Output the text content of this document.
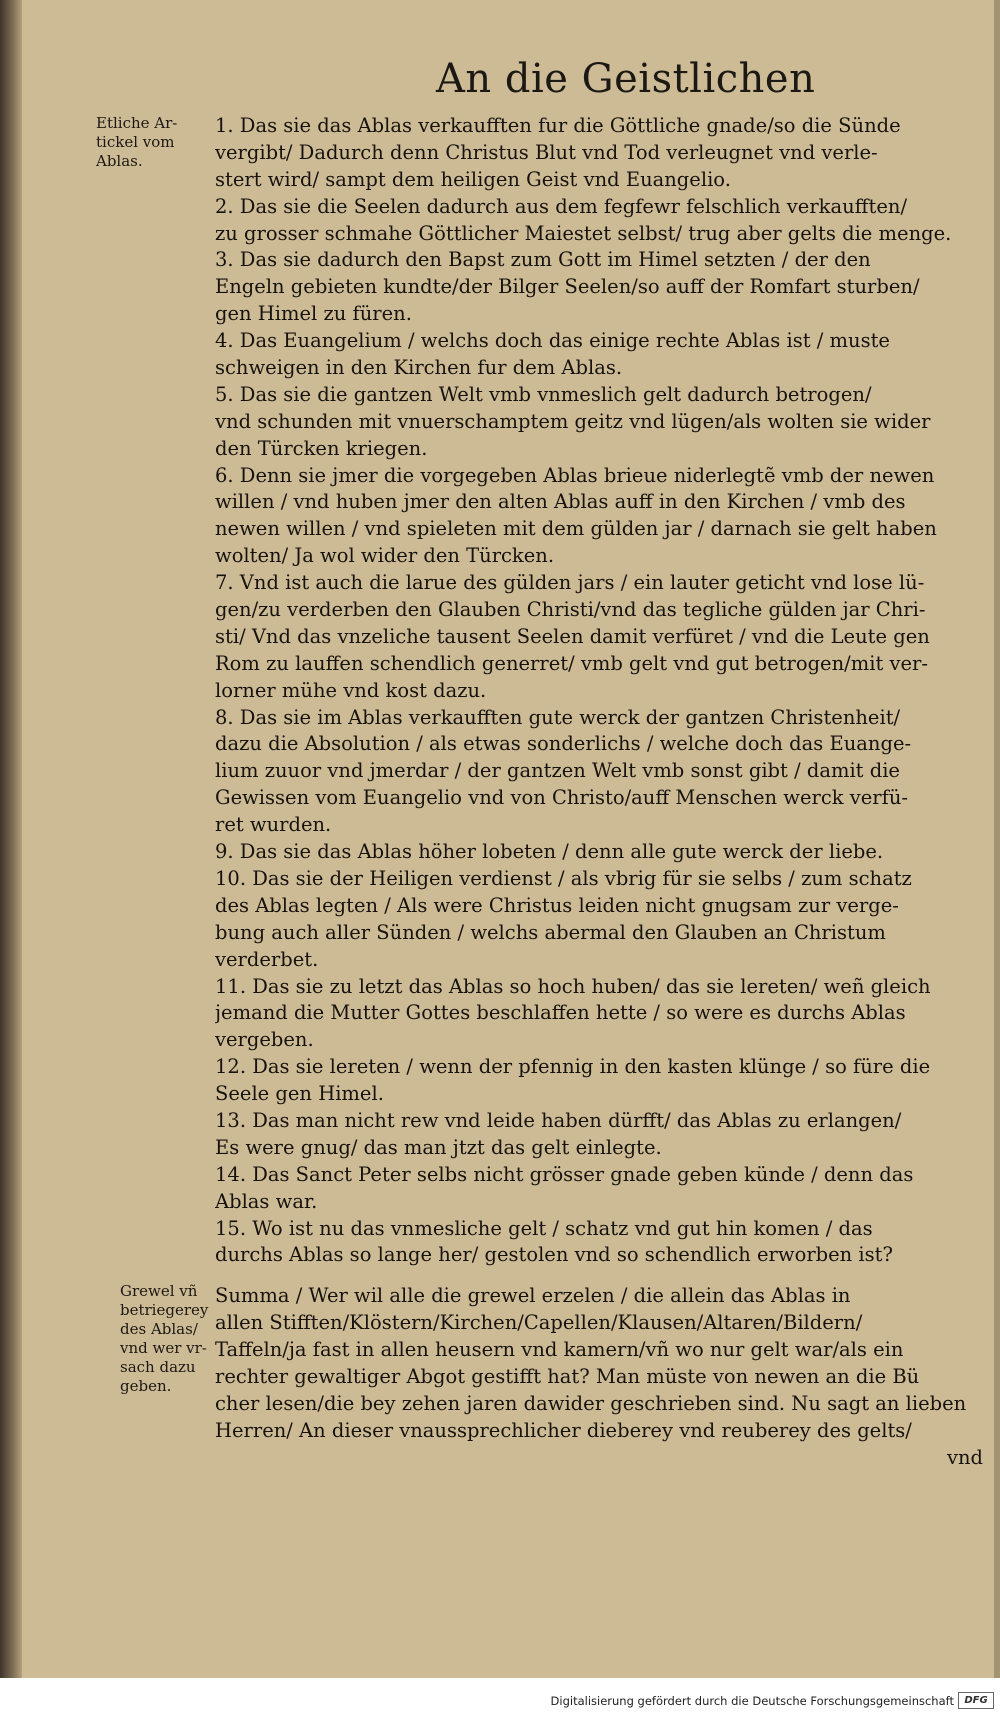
An die Geistlichen
Etliche Ar-
tickel vom
Ablas.
Grewel vñ
betriegerey
des Ablas/
vnd wer vr-
sach dazu
geben.
1. Das sie das Ablas verkaufften fur die Göttliche gnade/so die Sünde
vergibt/ Dadurch denn Christus Blut vnd Tod verleugnet vnd verle-
stert wird/ sampt dem heiligen Geist vnd Euangelio.
2. Das sie die Seelen dadurch aus dem fegfewr felschlich verkaufften/
zu grosser schmahe Göttlicher Maiestet selbst/ trug aber gelts die menge.
3. Das sie dadurch den Bapst zum Gott im Himel setzten / der den
Engeln gebieten kundte/der Bilger Seelen/so auff der Romfart sturben/
gen Himel zu füren.
4. Das Euangelium / welchs doch das einige rechte Ablas ist / muste
schweigen in den Kirchen fur dem Ablas.
5. Das sie die gantzen Welt vmb vnmeslich gelt dadurch betrogen/
vnd schunden mit vnuerschamptem geitz vnd lügen/als wolten sie wider
den Türcken kriegen.
6. Denn sie jmer die vorgegeben Ablas brieue niderlegtẽ vmb der newen
willen / vnd huben jmer den alten Ablas auff in den Kirchen / vmb des
newen willen / vnd spieleten mit dem gülden jar / darnach sie gelt haben
wolten/ Ja wol wider den Türcken.
7. Vnd ist auch die larue des gülden jars / ein lauter geticht vnd lose lü-
gen/zu verderben den Glauben Christi/vnd das tegliche gülden jar Chri-
sti/ Vnd das vnzeliche tausent Seelen damit verfüret / vnd die Leute gen
Rom zu lauffen schendlich generret/ vmb gelt vnd gut betrogen/mit ver-
lorner mühe vnd kost dazu.
8. Das sie im Ablas verkaufften gute werck der gantzen Christenheit/
dazu die Absolution / als etwas sonderlichs / welche doch das Euange-
lium zuuor vnd jmerdar / der gantzen Welt vmb sonst gibt / damit die
Gewissen vom Euangelio vnd von Christo/auff Menschen werck verfü-
ret wurden.
9. Das sie das Ablas höher lobeten / denn alle gute werck der liebe.
10. Das sie der Heiligen verdienst / als vbrig für sie selbs / zum schatz
des Ablas legten / Als were Christus leiden nicht gnugsam zur verge-
bung auch aller Sünden / welchs abermal den Glauben an Christum
verderbet.
11. Das sie zu letzt das Ablas so hoch huben/ das sie lereten/ weñ gleich
jemand die Mutter Gottes beschlaffen hette / so were es durchs Ablas
vergeben.
12. Das sie lereten / wenn der pfennig in den kasten klünge / so füre die
Seele gen Himel.
13. Das man nicht rew vnd leide haben dürfft/ das Ablas zu erlangen/
Es were gnug/ das man jtzt das gelt einlegte.
14. Das Sanct Peter selbs nicht grösser gnade geben künde / denn das
Ablas war.
15. Wo ist nu das vnmesliche gelt / schatz vnd gut hin komen / das
durchs Ablas so lange her/ gestolen vnd so schendlich erworben ist?
Summa / Wer wil alle die grewel erzelen / die allein das Ablas in
allen Stifften/Klöstern/Kirchen/Capellen/Klausen/Altaren/Bildern/
Taffeln/ja fast in allen heusern vnd kamern/vñ wo nur gelt war/als ein
rechter gewaltiger Abgot gestifft hat? Man müste von newen an die Bü
cher lesen/die bey zehen jaren dawider geschrieben sind. Nu sagt an lieben
Herren/ An dieser vnaussprechlicher dieberey vnd reuberey des gelts/
vnd
Digitalisierung gefördert durch die Deutsche Forschungsgemeinschaft	DFG
